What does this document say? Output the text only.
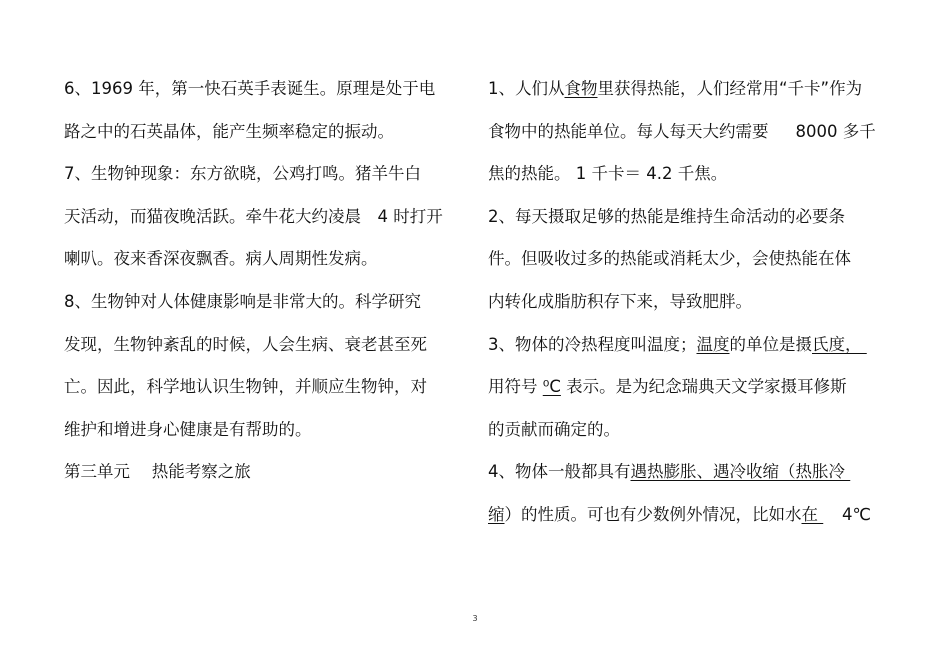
6、1969 年，第一快石英手表诞生。原理是处于电
路之中的石英晶体，能产生频率稳定的振动。
7、生物钟现象：东方欲晓，公鸡打鸣。猪羊牛白
天活动，而猫夜晚活跃。牵牛花大约凌晨　4 时打开
喇叭。夜来香深夜飘香。病人周期性发病。
8、生物钟对人体健康影响是非常大的。科学研究
发现，生物钟紊乱的时候，人会生病、衰老甚至死
亡。因此，科学地认识生物钟，并顺应生物钟，对
维护和增进身心健康是有帮助的。
第三单元　 热能考察之旅
1、人们从食物里获得热能，人们经常用“千卡”作为
食物中的热能单位。每人每天大约需要　  8000 多千
焦的热能。 1 千卡＝ 4.2 千焦。
2、每天摄取足够的热能是维持生命活动的必要条
件。但吸收过多的热能或消耗太少，会使热能在体
内转化成脂肪积存下来，导致肥胖。
3、物体的冷热程度叫温度；温度的单位是摄氏度，
用符号 ⁰C 表示。是为纪念瑞典天文学家摄耳修斯
的贡献而确定的。
4、物体一般都具有遇热膨胀、遇冷收缩（热胀冷
缩）的性质。可也有少数例外情况，比如水在 4℃
3
